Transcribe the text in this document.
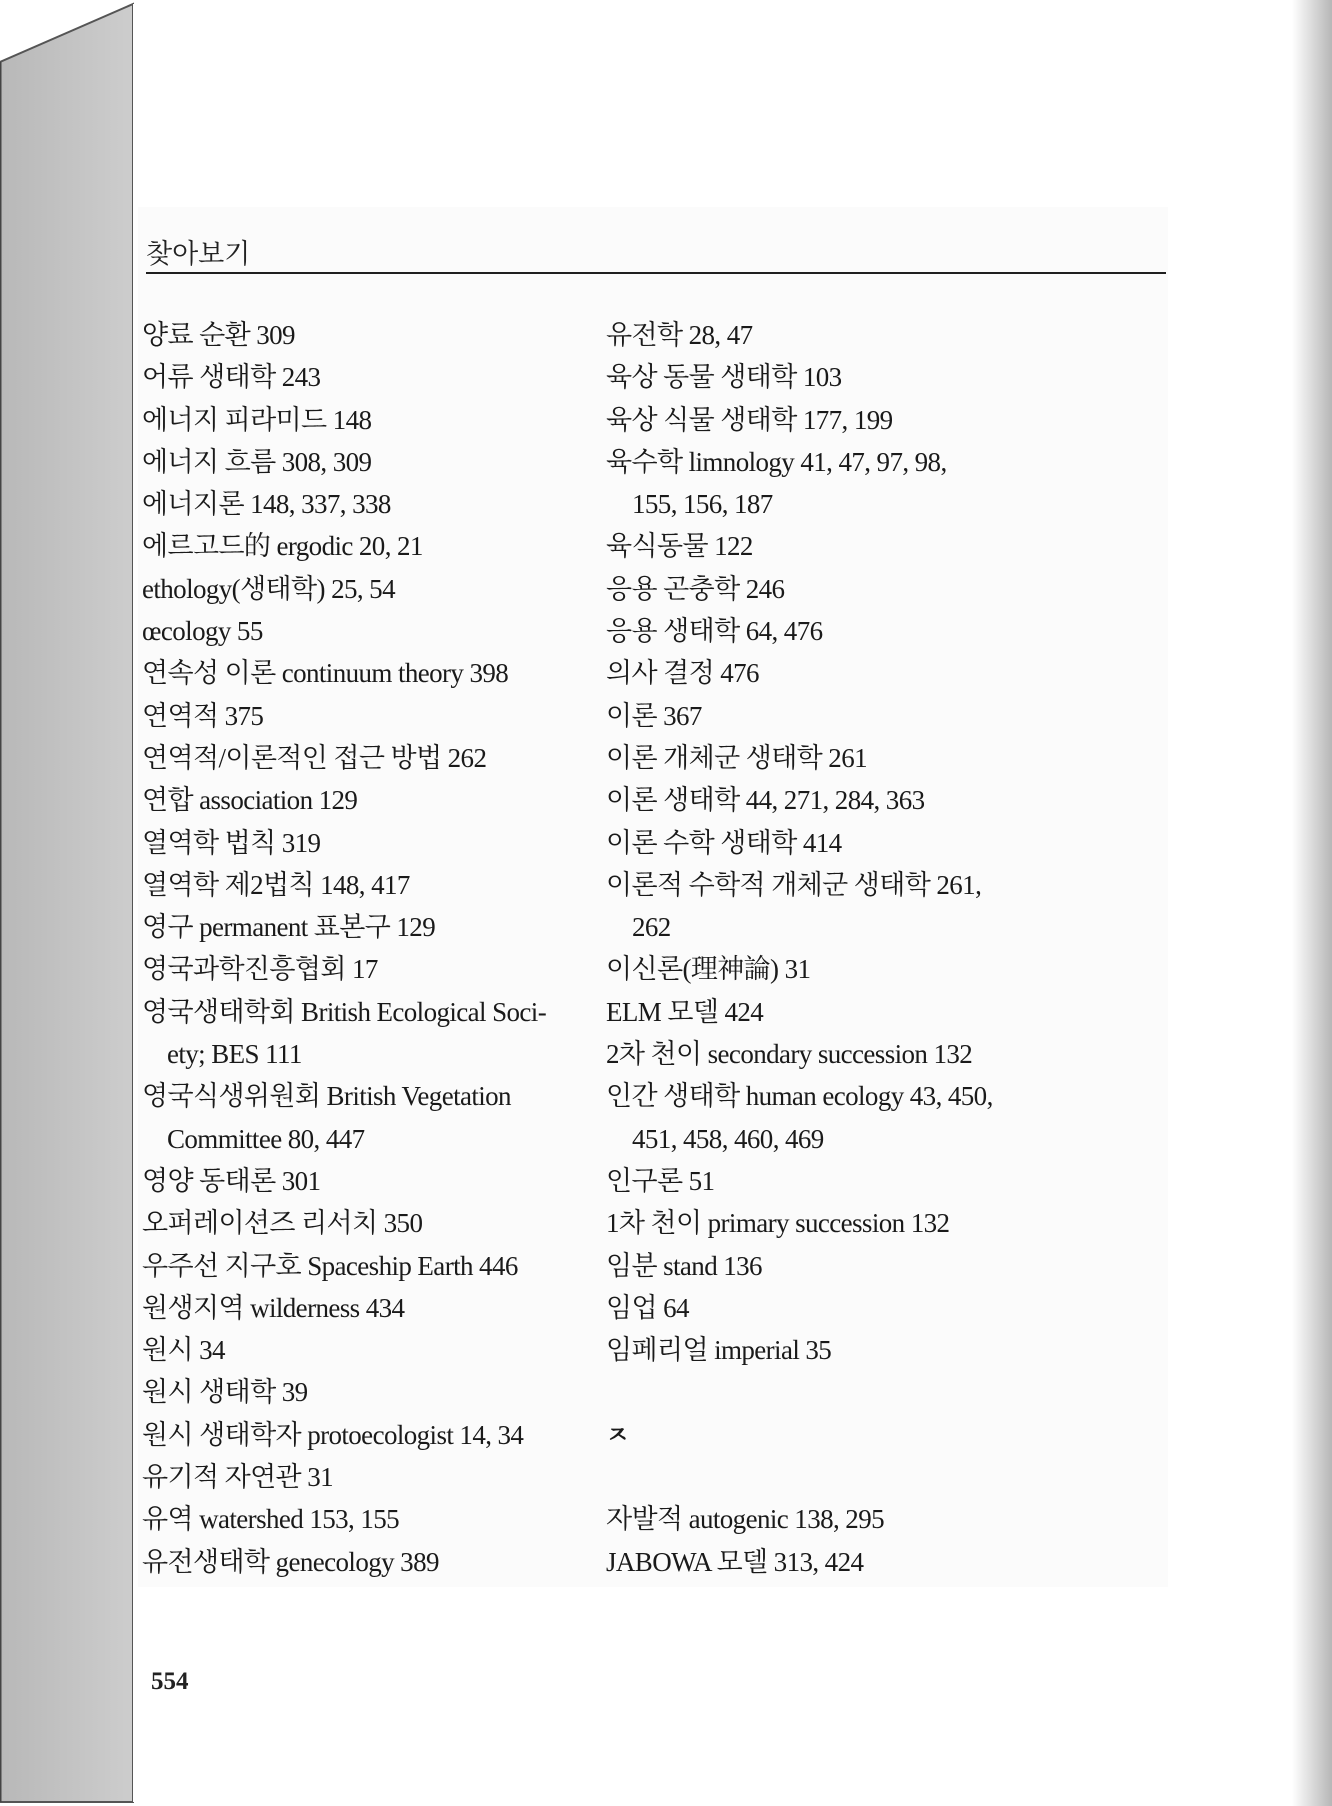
찾아보기
양료 순환 309
어류 생태학 243
에너지 피라미드 148
에너지 흐름 308, 309
에너지론 148, 337, 338
에르고드的 ergodic 20, 21
ethology(생태학) 25, 54
œcology 55
연속성 이론 continuum theory 398
연역적 375
연역적/이론적인 접근 방법 262
연합 association 129
열역학 법칙 319
열역학 제2법칙 148, 417
영구 permanent 표본구 129
영국과학진흥협회 17
영국생태학회 British Ecological Soci-
ety; BES 111
영국식생위원회 British Vegetation
Committee 80, 447
영양 동태론 301
오퍼레이션즈 리서치 350
우주선 지구호 Spaceship Earth 446
원생지역 wilderness 434
원시 34
원시 생태학 39
원시 생태학자 protoecologist 14, 34
유기적 자연관 31
유역 watershed 153, 155
유전생태학 genecology 389
유전학 28, 47
육상 동물 생태학 103
육상 식물 생태학 177, 199
육수학 limnology 41, 47, 97, 98,
155, 156, 187
육식동물 122
응용 곤충학 246
응용 생태학 64, 476
의사 결정 476
이론 367
이론 개체군 생태학 261
이론 생태학 44, 271, 284, 363
이론 수학 생태학 414
이론적 수학적 개체군 생태학 261,
262
이신론(理神論) 31
ELM 모델 424
2차 천이 secondary succession 132
인간 생태학 human ecology 43, 450,
451, 458, 460, 469
인구론 51
1차 천이 primary succession 132
임분 stand 136
임업 64
임페리얼 imperial 35
ㅈ
자발적 autogenic 138, 295
JABOWA 모델 313, 424
554
